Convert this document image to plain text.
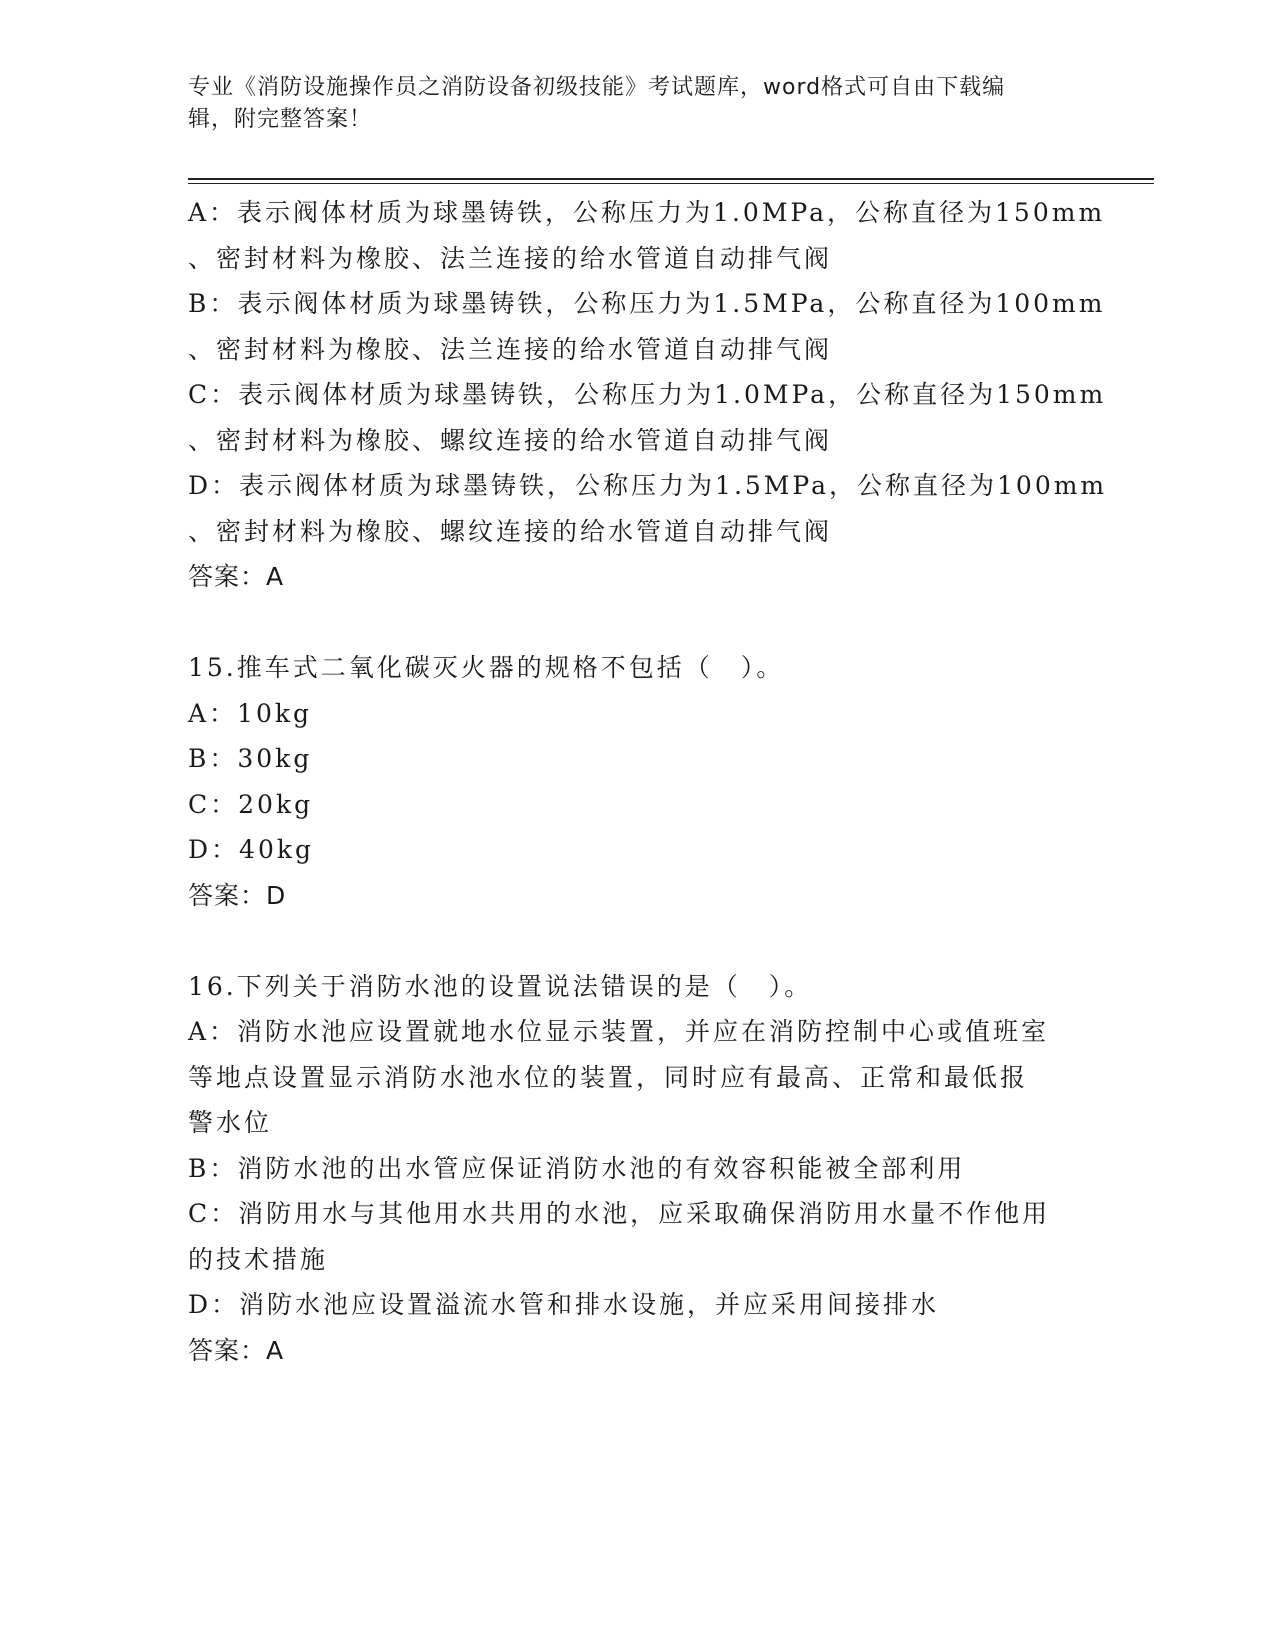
专业《消防设施操作员之消防设备初级技能》考试题库，word格式可自由下载编
辑，附完整答案！
A：表示阀体材质为球墨铸铁，公称压力为1.0MPa，公称直径为150mm
、密封材料为橡胶、法兰连接的给水管道自动排气阀
B：表示阀体材质为球墨铸铁，公称压力为1.5MPa，公称直径为100mm
、密封材料为橡胶、法兰连接的给水管道自动排气阀
C：表示阀体材质为球墨铸铁，公称压力为1.0MPa，公称直径为150mm
、密封材料为橡胶、螺纹连接的给水管道自动排气阀
D：表示阀体材质为球墨铸铁，公称压力为1.5MPa，公称直径为100mm
、密封材料为橡胶、螺纹连接的给水管道自动排气阀
答案：A
15.推车式二氧化碳灭火器的规格不包括（　）。
A：10kg
B：30kg
C：20kg
D：40kg
答案：D
16.下列关于消防水池的设置说法错误的是（　）。
A：消防水池应设置就地水位显示装置，并应在消防控制中心或值班室
等地点设置显示消防水池水位的装置，同时应有最高、正常和最低报
警水位
B：消防水池的出水管应保证消防水池的有效容积能被全部利用
C：消防用水与其他用水共用的水池，应采取确保消防用水量不作他用
的技术措施
D：消防水池应设置溢流水管和排水设施，并应采用间接排水
答案：A
